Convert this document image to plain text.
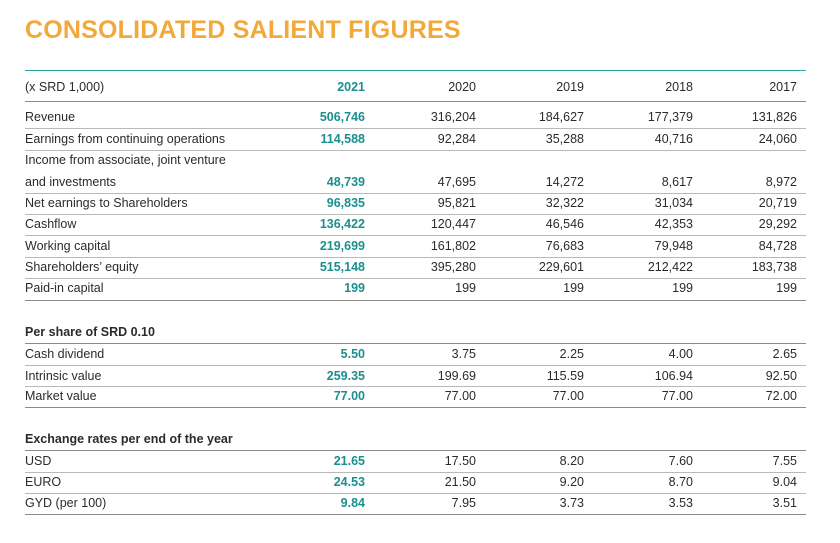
CONSOLIDATED SALIENT FIGURES
(x SRD 1,000)	2021	2020	2019	2018	2017
Revenue	506,746	316,204	184,627	177,379	131,826
Earnings from continuing operations	114,588	92,284	35,288	40,716	24,060
Income from associate, joint venture
and investments	48,739	47,695	14,272	8,617	8,972
Net earnings to Shareholders	96,835	95,821	32,322	31,034	20,719
Cashflow	136,422	120,447	46,546	42,353	29,292
Working capital	219,699	161,802	76,683	79,948	84,728
Shareholders’ equity	515,148	395,280	229,601	212,422	183,738
Paid-in capital	199	199	199	199	199
Per share of SRD 0.10
Cash dividend	5.50	3.75	2.25	4.00	2.65
Intrinsic value	259.35	199.69	115.59	106.94	92.50
Market value	77.00	77.00	77.00	77.00	72.00
Exchange rates per end of the year
USD	21.65	17.50	8.20	7.60	7.55
EURO	24.53	21.50	9.20	8.70	9.04
GYD (per 100)	9.84	7.95	3.73	3.53	3.51
